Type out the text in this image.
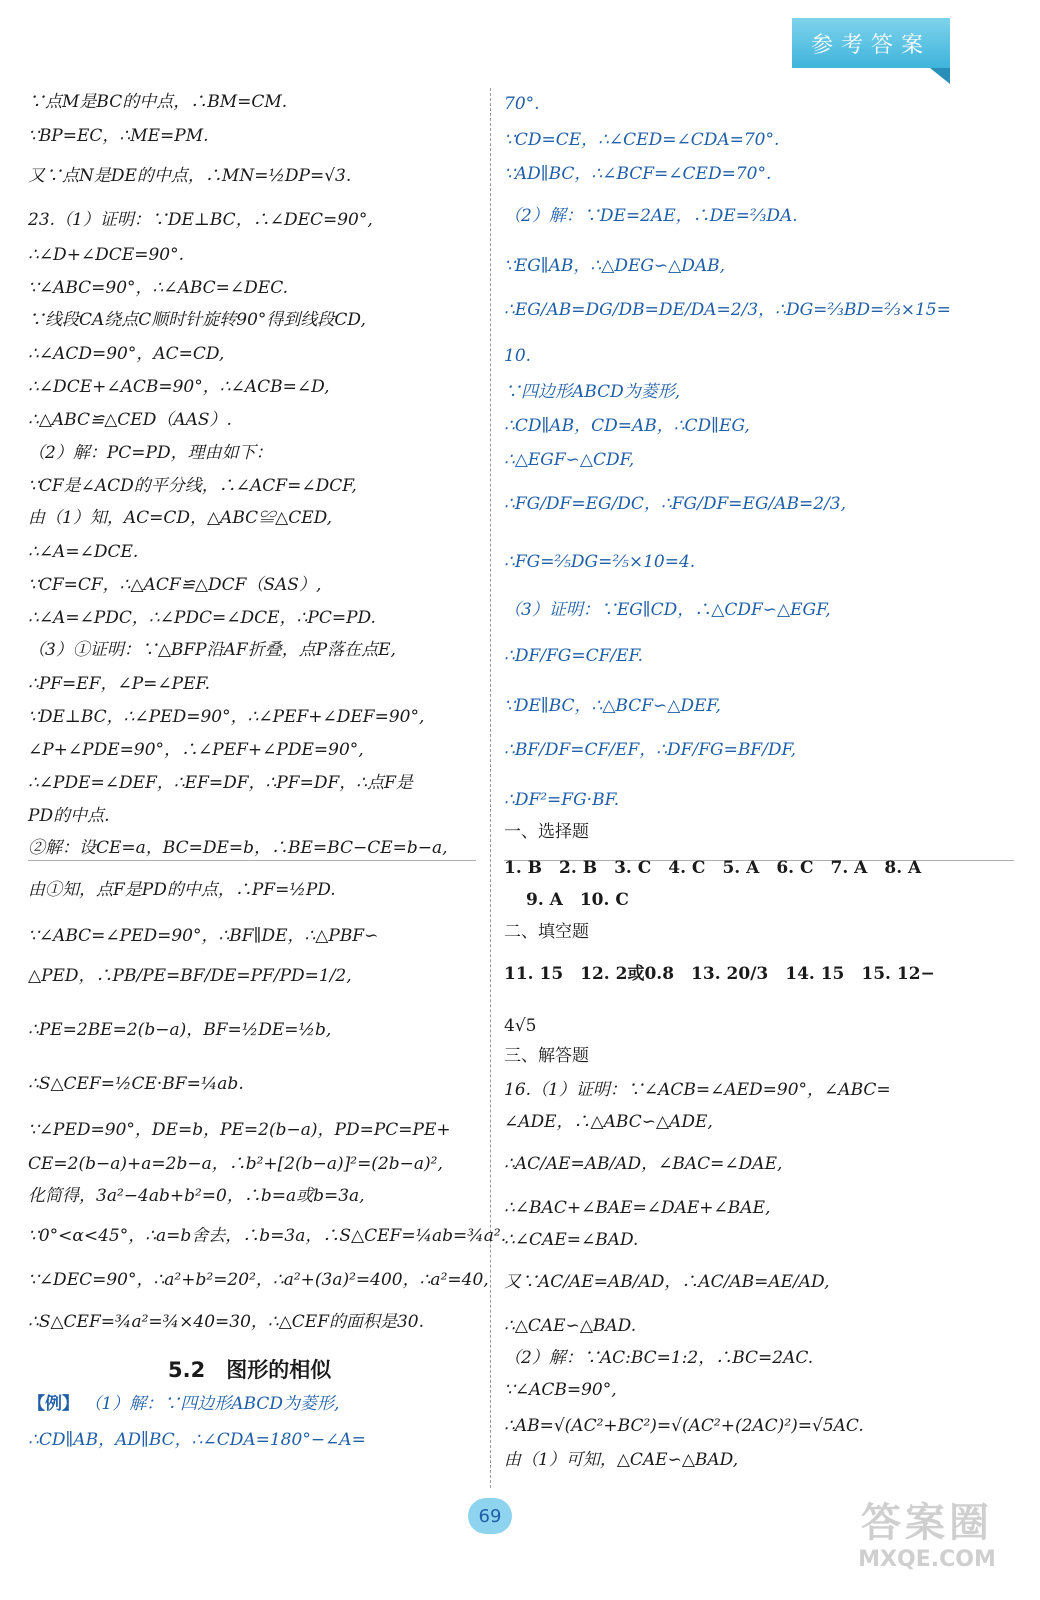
参考答案
∵点M是BC的中点，∴BM=CM.
∵BP=EC，∴ME=PM.
又∵点N是DE的中点，∴MN=½DP=√3.
23.（1）证明：∵DE⊥BC，∴∠DEC=90°,
∴∠D+∠DCE=90°.
∵∠ABC=90°，∴∠ABC=∠DEC.
∵线段CA绕点C顺时针旋转90°得到线段CD,
∴∠ACD=90°，AC=CD,
∴∠DCE+∠ACB=90°，∴∠ACB=∠D,
∴△ABC≌△CED（AAS）.
（2）解：PC=PD，理由如下：
∵CF是∠ACD的平分线，∴∠ACF=∠DCF,
由（1）知，AC=CD，△ABC≌△CED,
∴∠A=∠DCE.
∵CF=CF，∴△ACF≌△DCF（SAS）,
∴∠A=∠PDC，∴∠PDC=∠DCE，∴PC=PD.
（3）①证明：∵△BFP沿AF折叠，点P落在点E,
∴PF=EF，∠P=∠PEF.
∵DE⊥BC，∴∠PED=90°，∴∠PEF+∠DEF=90°,
∠P+∠PDE=90°，∴∠PEF+∠PDE=90°,
∴∠PDE=∠DEF，∴EF=DF，∴PF=DF，∴点F是
PD的中点.
②解：设CE=a，BC=DE=b，∴BE=BC−CE=b−a,
由①知，点F是PD的中点，∴PF=½PD.
∵∠ABC=∠PED=90°，∴BF∥DE，∴△PBF∽
△PED，∴PB/PE=BF/DE=PF/PD=1/2,
∴PE=2BE=2(b−a)，BF=½DE=½b,
∴S△CEF=½CE·BF=¼ab.
∵∠PED=90°，DE=b，PE=2(b−a)，PD=PC=PE+
CE=2(b−a)+a=2b−a，∴b²+[2(b−a)]²=(2b−a)²,
化简得，3a²−4ab+b²=0，∴b=a或b=3a,
∵0°<α<45°，∴a=b舍去，∴b=3a，∴S△CEF=¼ab=¾a².
∵∠DEC=90°，∴a²+b²=20²，∴a²+(3a)²=400，∴a²=40,
∴S△CEF=¾a²=¾×40=30，∴△CEF的面积是30.
5.2　图形的相似
【例】 （1）解：∵四边形ABCD为菱形,
∴CD∥AB，AD∥BC，∴∠CDA=180°−∠A=
70°.
∵CD=CE，∴∠CED=∠CDA=70°.
∵AD∥BC，∴∠BCF=∠CED=70°.
（2）解：∵DE=2AE，∴DE=⅔DA.
∵EG∥AB，∴△DEG∽△DAB,
∴EG/AB=DG/DB=DE/DA=2/3，∴DG=⅔BD=⅔×15=
10.
∵四边形ABCD为菱形,
∴CD∥AB，CD=AB，∴CD∥EG,
∴△EGF∽△CDF,
∴FG/DF=EG/DC，∴FG/DF=EG/AB=2/3,
∴FG=⅖DG=⅖×10=4.
（3）证明：∵EG∥CD，∴△CDF∽△EGF,
∴DF/FG=CF/EF.
∵DE∥BC，∴△BCF∽△DEF,
∴BF/DF=CF/EF，∴DF/FG=BF/DF,
∴DF²=FG·BF.
一、选择题
1. B　2. B　3. C　4. C　5. A　6. C　7. A　8. A
9. A　10. C
二、填空题
11. 15　12. 2或0.8　13. 20/3　14. 15　15. 12−
4√5
三、解答题
16.（1）证明：∵∠ACB=∠AED=90°，∠ABC=
∠ADE，∴△ABC∽△ADE,
∴AC/AE=AB/AD，∠BAC=∠DAE,
∴∠BAC+∠BAE=∠DAE+∠BAE,
∴∠CAE=∠BAD.
又∵AC/AE=AB/AD，∴AC/AB=AE/AD,
∴△CAE∽△BAD.
（2）解：∵AC:BC=1:2，∴BC=2AC.
∵∠ACB=90°,
∴AB=√(AC²+BC²)=√(AC²+(2AC)²)=√5AC.
由（1）可知，△CAE∽△BAD,
69	答案圈
MXQE.COM
